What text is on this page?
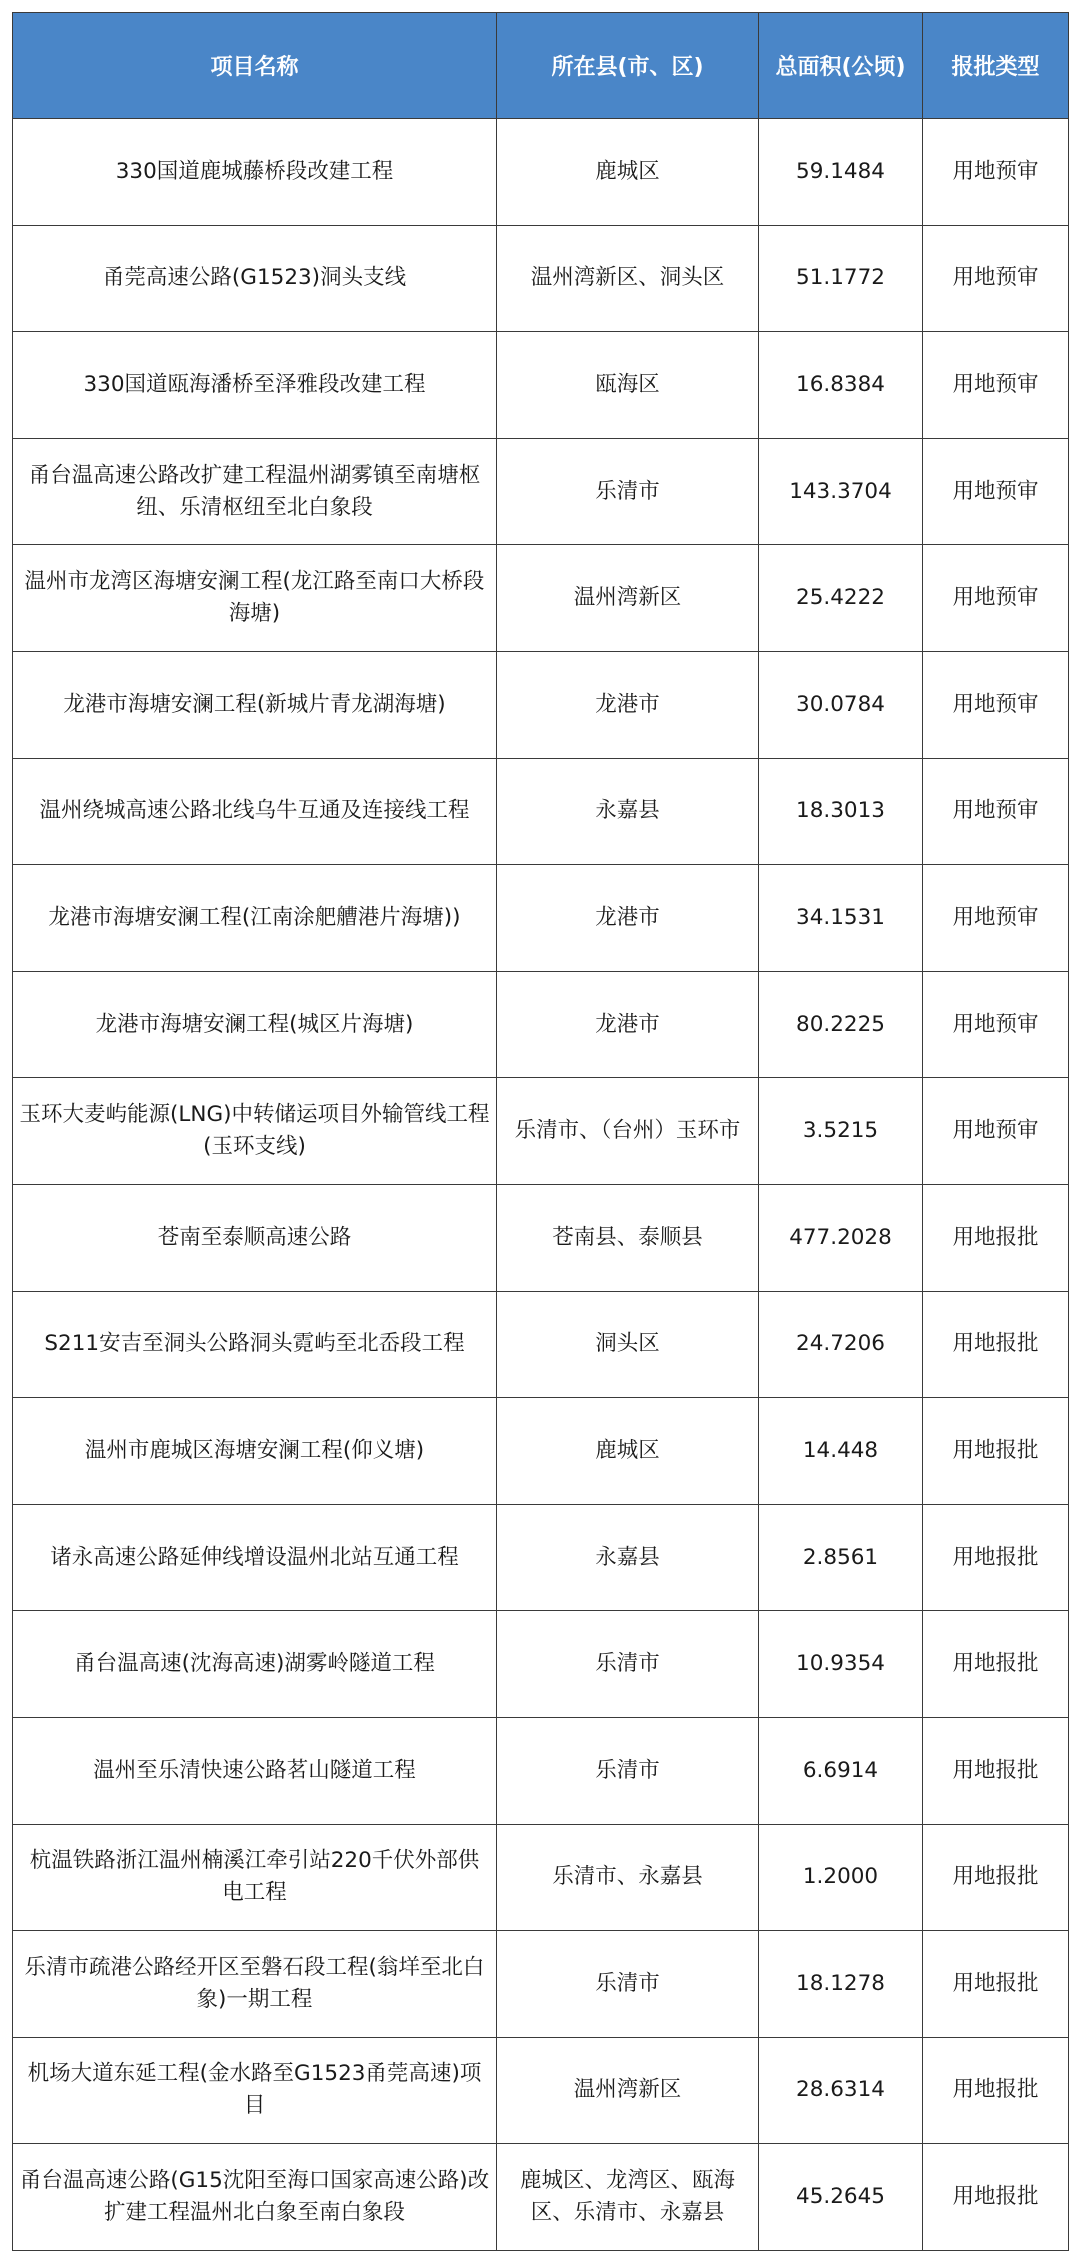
项目名称	所在县(市、区)	总面积(公顷)	报批类型
330国道鹿城藤桥段改建工程	鹿城区	59.1484	用地预审
甬莞高速公路(G1523)洞头支线	温州湾新区、洞头区	51.1772	用地预审
330国道瓯海潘桥至泽雅段改建工程	瓯海区	16.8384	用地预审
甬台温高速公路改扩建工程温州湖雾镇至南塘枢纽、乐清枢纽至北白象段	乐清市	143.3704	用地预审
温州市龙湾区海塘安澜工程(龙江路至南口大桥段海塘)	温州湾新区	25.4222	用地预审
龙港市海塘安澜工程(新城片青龙湖海塘)	龙港市	30.0784	用地预审
温州绕城高速公路北线乌牛互通及连接线工程	永嘉县	18.3013	用地预审
龙港市海塘安澜工程(江南涂舥艚港片海塘))	龙港市	34.1531	用地预审
龙港市海塘安澜工程(城区片海塘)	龙港市	80.2225	用地预审
玉环大麦屿能源(LNG)中转储运项目外输管线工程(玉环支线)	乐清市、（台州）玉环市	3.5215	用地预审
苍南至泰顺高速公路	苍南县、泰顺县	477.2028	用地报批
S211安吉至洞头公路洞头霓屿至北岙段工程	洞头区	24.7206	用地报批
温州市鹿城区海塘安澜工程(仰义塘)	鹿城区	14.448	用地报批
诸永高速公路延伸线增设温州北站互通工程	永嘉县	2.8561	用地报批
甬台温高速(沈海高速)湖雾岭隧道工程	乐清市	10.9354	用地报批
温州至乐清快速公路茗山隧道工程	乐清市	6.6914	用地报批
杭温铁路浙江温州楠溪江牵引站220千伏外部供电工程	乐清市、永嘉县	1.2000	用地报批
乐清市疏港公路经开区至磐石段工程(翁垟至北白象)一期工程	乐清市	18.1278	用地报批
机场大道东延工程(金水路至G1523甬莞高速)项目	温州湾新区	28.6314	用地报批
甬台温高速公路(G15沈阳至海口国家高速公路)改扩建工程温州北白象至南白象段	鹿城区、龙湾区、瓯海区、乐清市、永嘉县	45.2645	用地报批
